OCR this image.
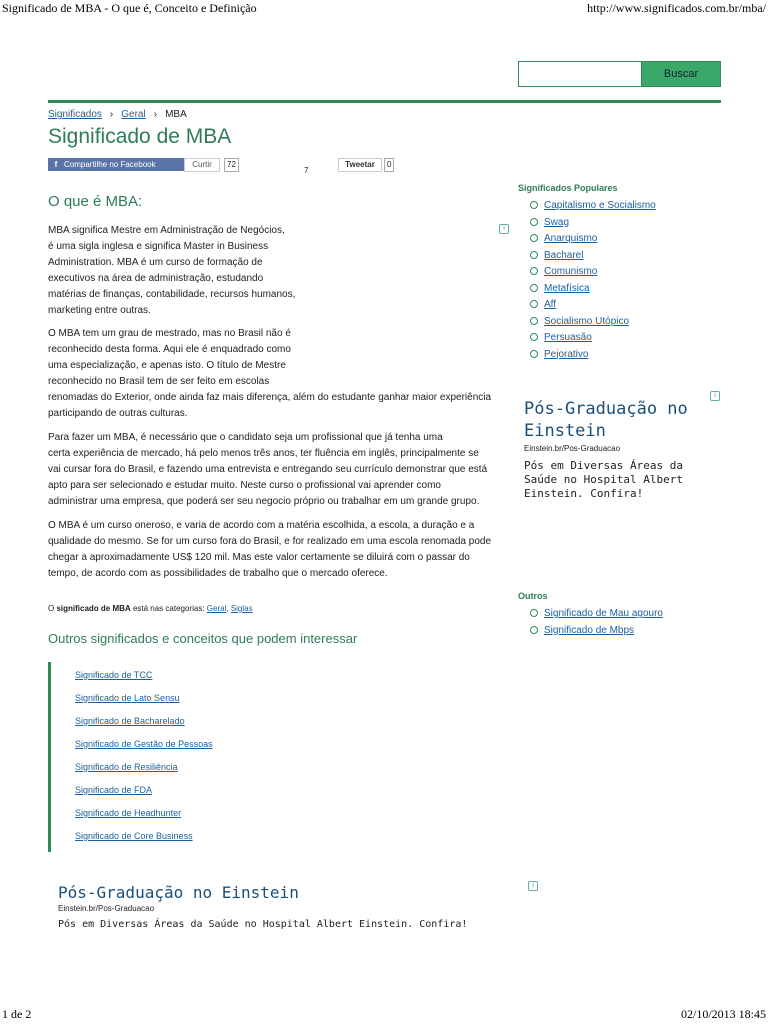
Significado de MBA - O que é, Conceito e Definição	http://www.significados.com.br/mba/
Buscar
Significados › Geral › MBA
Significado de MBA
f Compartilhe no Facebook	Curtir	72
7
Tweetar	0
O que é MBA:
i

MBA significa Mestre em Administração de Negócios,
é uma sigla inglesa e significa Master in Business
Administration. MBA é um curso de formação de
executivos na área de administração, estudando
matérias de finanças, contabilidade, recursos humanos,
marketing entre outras.

O MBA tem um grau de mestrado, mas no Brasil não é
reconhecido desta forma. Aqui ele é enquadrado como
uma especialização, e apenas isto. O título de Mestre
reconhecido no Brasil tem de ser feito em escolas
renomadas do Exterior, onde ainda faz mais diferença, além do estudante ganhar maior experiência
participando de outras culturas.

Para fazer um MBA, é necessário que o candidato seja um profissional que já tenha uma
certa experiência de mercado, há pelo menos três anos, ter fluência em inglês, principalmente se
vai cursar fora do Brasil, e fazendo uma entrevista e entregando seu currículo demonstrar que está
apto para ser selecionado e estudar muito. Neste curso o profissional vai aprender como
administrar uma empresa, que poderá ser seu negocio próprio ou trabalhar em um grande grupo.

O MBA é um curso oneroso, e varia de acordo com a matéria escolhida, a escola, a duração e a
qualidade do mesmo. Se for um curso fora do Brasil, e for realizado em uma escola renomada pode
chegar a aproximadamente US$ 120 mil. Mas este valor certamente se diluirá com o passar do
tempo, de acordo com as possibilidades de trabalho que o mercado oferece.

O significado de MBA está nas categorias: Geral, Siglas
Outros significados e conceitos que podem interessar
Significado de TCC
Significado de Lato Sensu
Significado de Bacharelado
Significado de Gestão de Pessoas
Significado de Resiliência
Significado de FDA
Significado de Headhunter
Significado de Core Business
Pós-Graduação no Einstein
Einstein.br/Pos-Graduacao
Pós em Diversas Áreas da Saúde no Hospital Albert Einstein. Confira!
i
Significados Populares
Capitalismo e Socialismo
Swag
Anarquismo
Bacharel
Comunismo
Metafísica
Aff
Socialismo Utópico
Persuasão
Pejorativo
i
Pós-Graduação no Einstein
Einstein.br/Pos-Graduacao
Pós em Diversas Áreas da Saúde no Hospital Albert Einstein. Confira!
Outros
Significado de Mau agouro
Significado de Mbps
1 de 2	02/10/2013 18:45
